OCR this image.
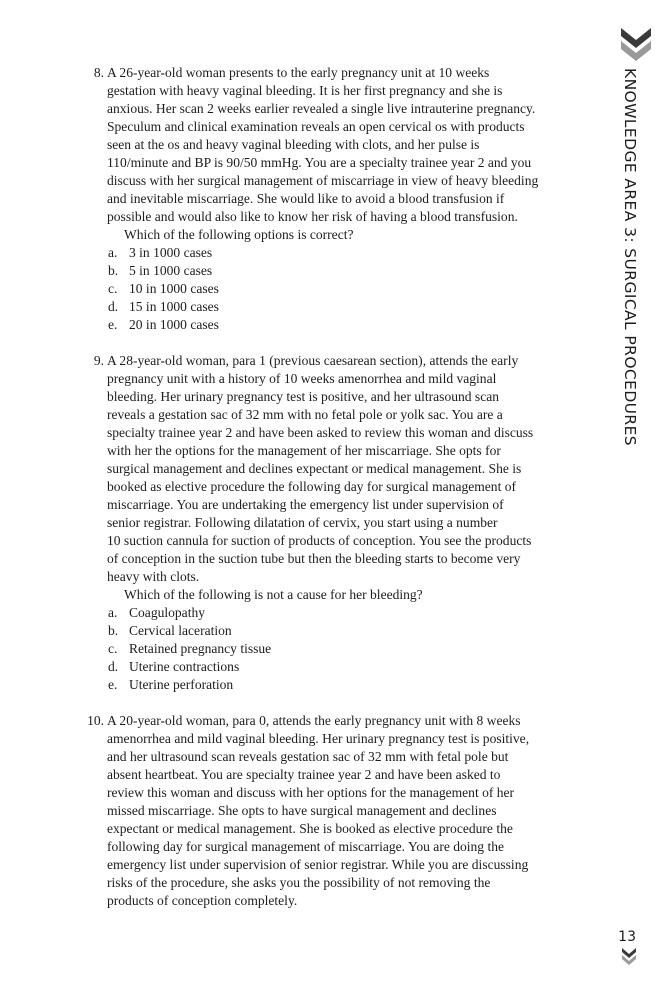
KNOWLEDGE AREA 3: SURGICAL PROCEDURES
8. A 26-year-old woman presents to the early pregnancy unit at 10 weeks
gestation with heavy vaginal bleeding. It is her first pregnancy and she is
anxious. Her scan 2 weeks earlier revealed a single live intrauterine pregnancy.
Speculum and clinical examination reveals an open cervical os with products
seen at the os and heavy vaginal bleeding with clots, and her pulse is
110/minute and BP is 90/50 mmHg. You are a specialty trainee year 2 and you
discuss with her surgical management of miscarriage in view of heavy bleeding
and inevitable miscarriage. She would like to avoid a blood transfusion if
possible and would also like to know her risk of having a blood transfusion.
Which of the following options is correct?
a. 3 in 1000 cases
b. 5 in 1000 cases
c. 10 in 1000 cases
d. 15 in 1000 cases
e. 20 in 1000 cases
9. A 28-year-old woman, para 1 (previous caesarean section), attends the early
pregnancy unit with a history of 10 weeks amenorrhea and mild vaginal
bleeding. Her urinary pregnancy test is positive, and her ultrasound scan
reveals a gestation sac of 32 mm with no fetal pole or yolk sac. You are a
specialty trainee year 2 and have been asked to review this woman and discuss
with her the options for the management of her miscarriage. She opts for
surgical management and declines expectant or medical management. She is
booked as elective procedure the following day for surgical management of
miscarriage. You are undertaking the emergency list under supervision of
senior registrar. Following dilatation of cervix, you start using a number
10 suction cannula for suction of products of conception. You see the products
of conception in the suction tube but then the bleeding starts to become very
heavy with clots.
Which of the following is not a cause for her bleeding?
a. Coagulopathy
b. Cervical laceration
c. Retained pregnancy tissue
d. Uterine contractions
e. Uterine perforation
10. A 20-year-old woman, para 0, attends the early pregnancy unit with 8 weeks
amenorrhea and mild vaginal bleeding. Her urinary pregnancy test is positive,
and her ultrasound scan reveals gestation sac of 32 mm with fetal pole but
absent heartbeat. You are specialty trainee year 2 and have been asked to
review this woman and discuss with her options for the management of her
missed miscarriage. She opts to have surgical management and declines
expectant or medical management. She is booked as elective procedure the
following day for surgical management of miscarriage. You are doing the
emergency list under supervision of senior registrar. While you are discussing
risks of the procedure, she asks you the possibility of not removing the
products of conception completely.
13
